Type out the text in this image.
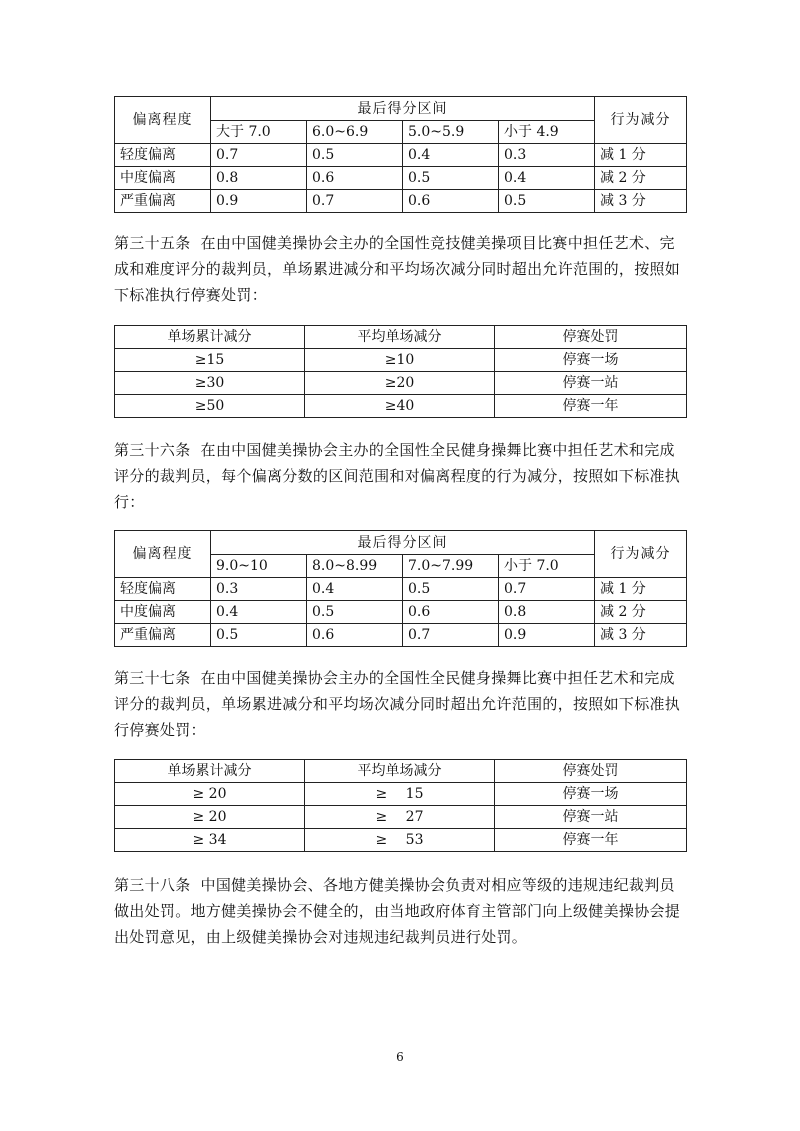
偏离程度	最后得分区间				行为减分
	大于 7.0	6.0~6.9	5.0~5.9	小于 4.9	
轻度偏离	0.7	0.5	0.4	0.3	减 1 分
中度偏离	0.8	0.6	0.5	0.4	减 2 分
严重偏离	0.9	0.7	0.6	0.5	减 3 分

第三十五条 在由中国健美操协会主办的全国性竞技健美操项目比赛中担任艺术、完成和难度评分的裁判员，单场累进减分和平均场次减分同时超出允许范围的，按照如下标准执行停赛处罚：

单场累计减分	平均单场减分	停赛处罚
≥15	≥10	停赛一场
≥30	≥20	停赛一站
≥50	≥40	停赛一年

第三十六条 在由中国健美操协会主办的全国性全民健身操舞比赛中担任艺术和完成评分的裁判员，每个偏离分数的区间范围和对偏离程度的行为减分，按照如下标准执行：

偏离程度	最后得分区间				行为减分
	9.0~10	8.0~8.99	7.0~7.99	小于 7.0	
轻度偏离	0.3	0.4	0.5	0.7	减 1 分
中度偏离	0.4	0.5	0.6	0.8	减 2 分
严重偏离	0.5	0.6	0.7	0.9	减 3 分

第三十七条 在由中国健美操协会主办的全国性全民健身操舞比赛中担任艺术和完成评分的裁判员，单场累进减分和平均场次减分同时超出允许范围的，按照如下标准执行停赛处罚：

单场累计减分	平均单场减分	停赛处罚
≥ 20	≥　 15	停赛一场
≥ 20	≥　 27	停赛一站
≥ 34	≥　 53	停赛一年

第三十八条 中国健美操协会、各地方健美操协会负责对相应等级的违规违纪裁判员做出处罚。地方健美操协会不健全的，由当地政府体育主管部门向上级健美操协会提出处罚意见，由上级健美操协会对违规违纪裁判员进行处罚。

6
